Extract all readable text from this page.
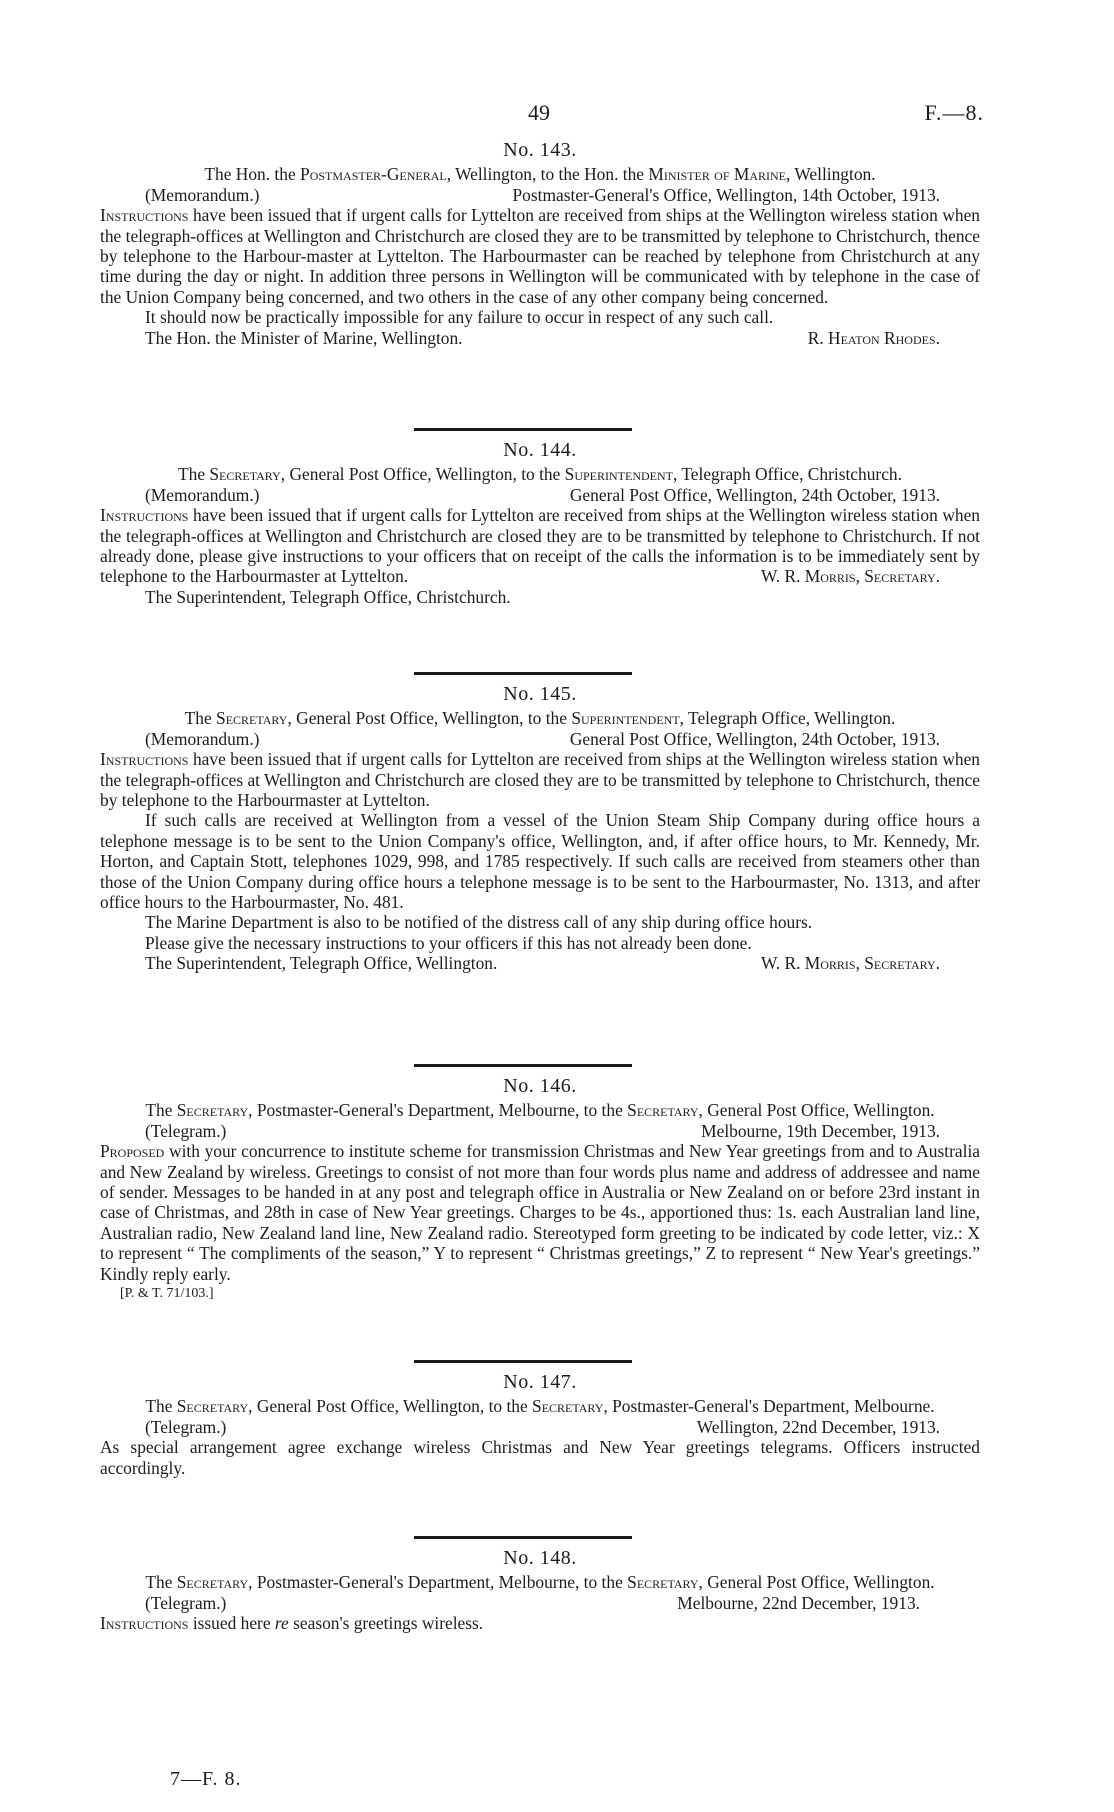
49	F.—8.
No. 143.
The Hon. the Postmaster-General, Wellington, to the Hon. the Minister of Marine, Wellington.
(Memorandum.)	Postmaster-General's Office, Wellington, 14th October, 1913.
Instructions have been issued that if urgent calls for Lyttelton are received from ships at the Wellington wireless station when the telegraph-offices at Wellington and Christchurch are closed they are to be transmitted by telephone to Christchurch, thence by telephone to the Harbour-master at Lyttelton. The Harbourmaster can be reached by telephone from Christchurch at any time during the day or night. In addition three persons in Wellington will be communicated with by telephone in the case of the Union Company being concerned, and two others in the case of any other company being concerned.
It should now be practically impossible for any failure to occur in respect of any such call.
The Hon. the Minister of Marine, Wellington.	R. Heaton Rhodes.
No. 144.
The Secretary, General Post Office, Wellington, to the Superintendent, Telegraph Office, Christchurch.
(Memorandum.)	General Post Office, Wellington, 24th October, 1913.
Instructions have been issued that if urgent calls for Lyttelton are received from ships at the Wellington wireless station when the telegraph-offices at Wellington and Christchurch are closed they are to be transmitted by telephone to Christchurch. If not already done, please give instructions to your officers that on receipt of the calls the information is to be immediately sent by telephone to the Harbourmaster at Lyttelton.	W. R. Morris, Secretary.
The Superintendent, Telegraph Office, Christchurch.
No. 145.
The Secretary, General Post Office, Wellington, to the Superintendent, Telegraph Office, Wellington.
(Memorandum.)	General Post Office, Wellington, 24th October, 1913.
Instructions have been issued that if urgent calls for Lyttelton are received from ships at the Wellington wireless station when the telegraph-offices at Wellington and Christchurch are closed they are to be transmitted by telephone to Christchurch, thence by telephone to the Harbourmaster at Lyttelton.
If such calls are received at Wellington from a vessel of the Union Steam Ship Company during office hours a telephone message is to be sent to the Union Company's office, Wellington, and, if after office hours, to Mr. Kennedy, Mr. Horton, and Captain Stott, telephones 1029, 998, and 1785 respectively. If such calls are received from steamers other than those of the Union Company during office hours a telephone message is to be sent to the Harbourmaster, No. 1313, and after office hours to the Harbourmaster, No. 481.
The Marine Department is also to be notified of the distress call of any ship during office hours.
Please give the necessary instructions to your officers if this has not already been done.
The Superintendent, Telegraph Office, Wellington.	W. R. Morris, Secretary.
No. 146.
The Secretary, Postmaster-General's Department, Melbourne, to the Secretary, General Post Office, Wellington.
(Telegram.)	Melbourne, 19th December, 1913.
Proposed with your concurrence to institute scheme for transmission Christmas and New Year greetings from and to Australia and New Zealand by wireless. Greetings to consist of not more than four words plus name and address of addressee and name of sender. Messages to be handed in at any post and telegraph office in Australia or New Zealand on or before 23rd instant in case of Christmas, and 28th in case of New Year greetings. Charges to be 4s., apportioned thus: 1s. each Australian land line, Australian radio, New Zealand land line, New Zealand radio. Stereotyped form greeting to be indicated by code letter, viz.: X to represent “ The compliments of the season,” Y to represent “ Christmas greetings,” Z to represent “ New Year's greetings.” Kindly reply early.
[P. & T. 71/103.]
No. 147.
The Secretary, General Post Office, Wellington, to the Secretary, Postmaster-General's Department, Melbourne.
(Telegram.)	Wellington, 22nd December, 1913.
As special arrangement agree exchange wireless Christmas and New Year greetings telegrams. Officers instructed accordingly.
No. 148.
The Secretary, Postmaster-General's Department, Melbourne, to the Secretary, General Post Office, Wellington.
(Telegram.)	Melbourne, 22nd December, 1913.
Instructions issued here re season's greetings wireless.
7—F. 8.
